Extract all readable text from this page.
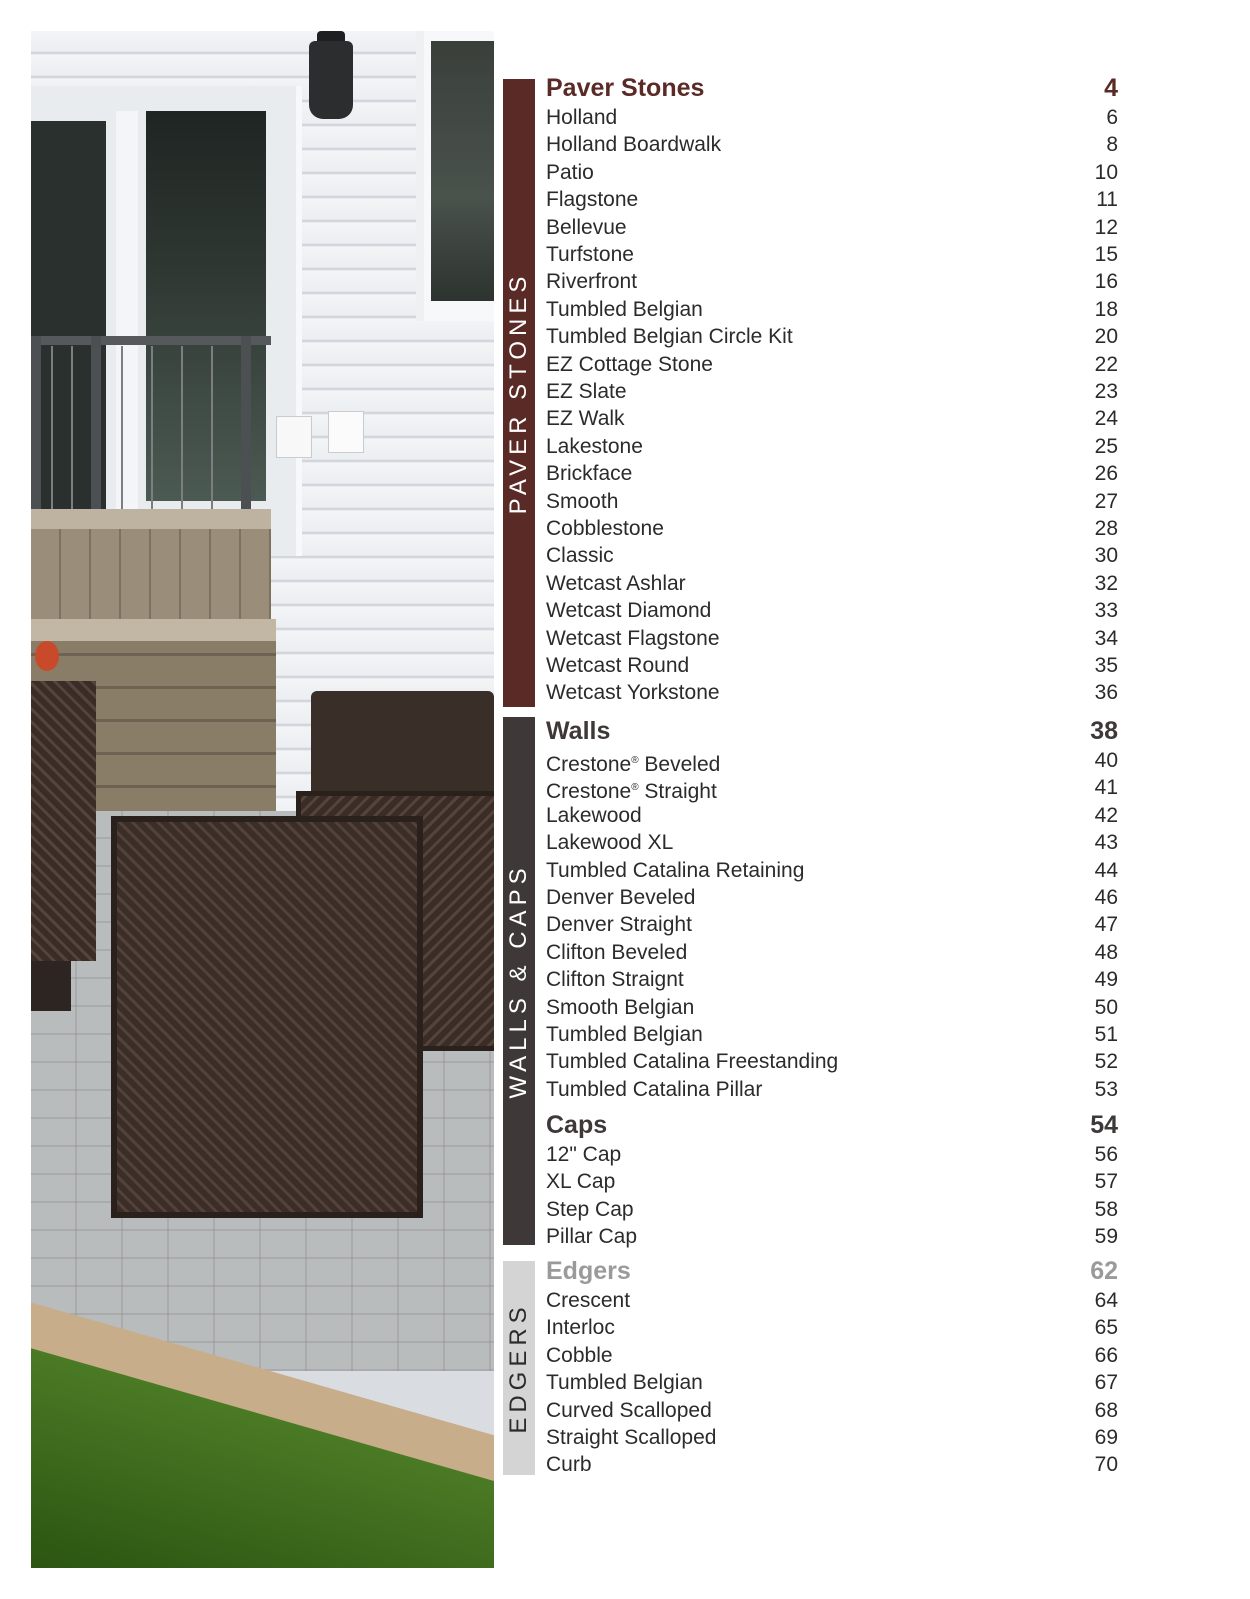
PAVER STONES
WALLS & CAPS
EDGERS
Paver Stones	4
Holland	6
Holland Boardwalk	8
Patio	10
Flagstone	11
Bellevue	12
Turfstone	15
Riverfront	16
Tumbled Belgian	18
Tumbled Belgian Circle Kit	20
EZ Cottage Stone	22
EZ Slate	23
EZ Walk	24
Lakestone	25
Brickface	26
Smooth	27
Cobblestone	28
Classic	30
Wetcast Ashlar	32
Wetcast Diamond	33
Wetcast Flagstone	34
Wetcast Round	35
Wetcast Yorkstone	36
Walls	38
Crestone® Beveled	40
Crestone® Straight	41
Lakewood	42
Lakewood XL	43
Tumbled Catalina Retaining	44
Denver Beveled	46
Denver Straight	47
Clifton Beveled	48
Clifton Straignt	49
Smooth Belgian	50
Tumbled Belgian	51
Tumbled Catalina Freestanding	52
Tumbled Catalina Pillar	53
Caps	54
12" Cap	56
XL Cap	57
Step Cap	58
Pillar Cap	59
Edgers	62
Crescent	64
Interloc	65
Cobble	66
Tumbled Belgian	67
Curved Scalloped	68
Straight Scalloped	69
Curb	70
